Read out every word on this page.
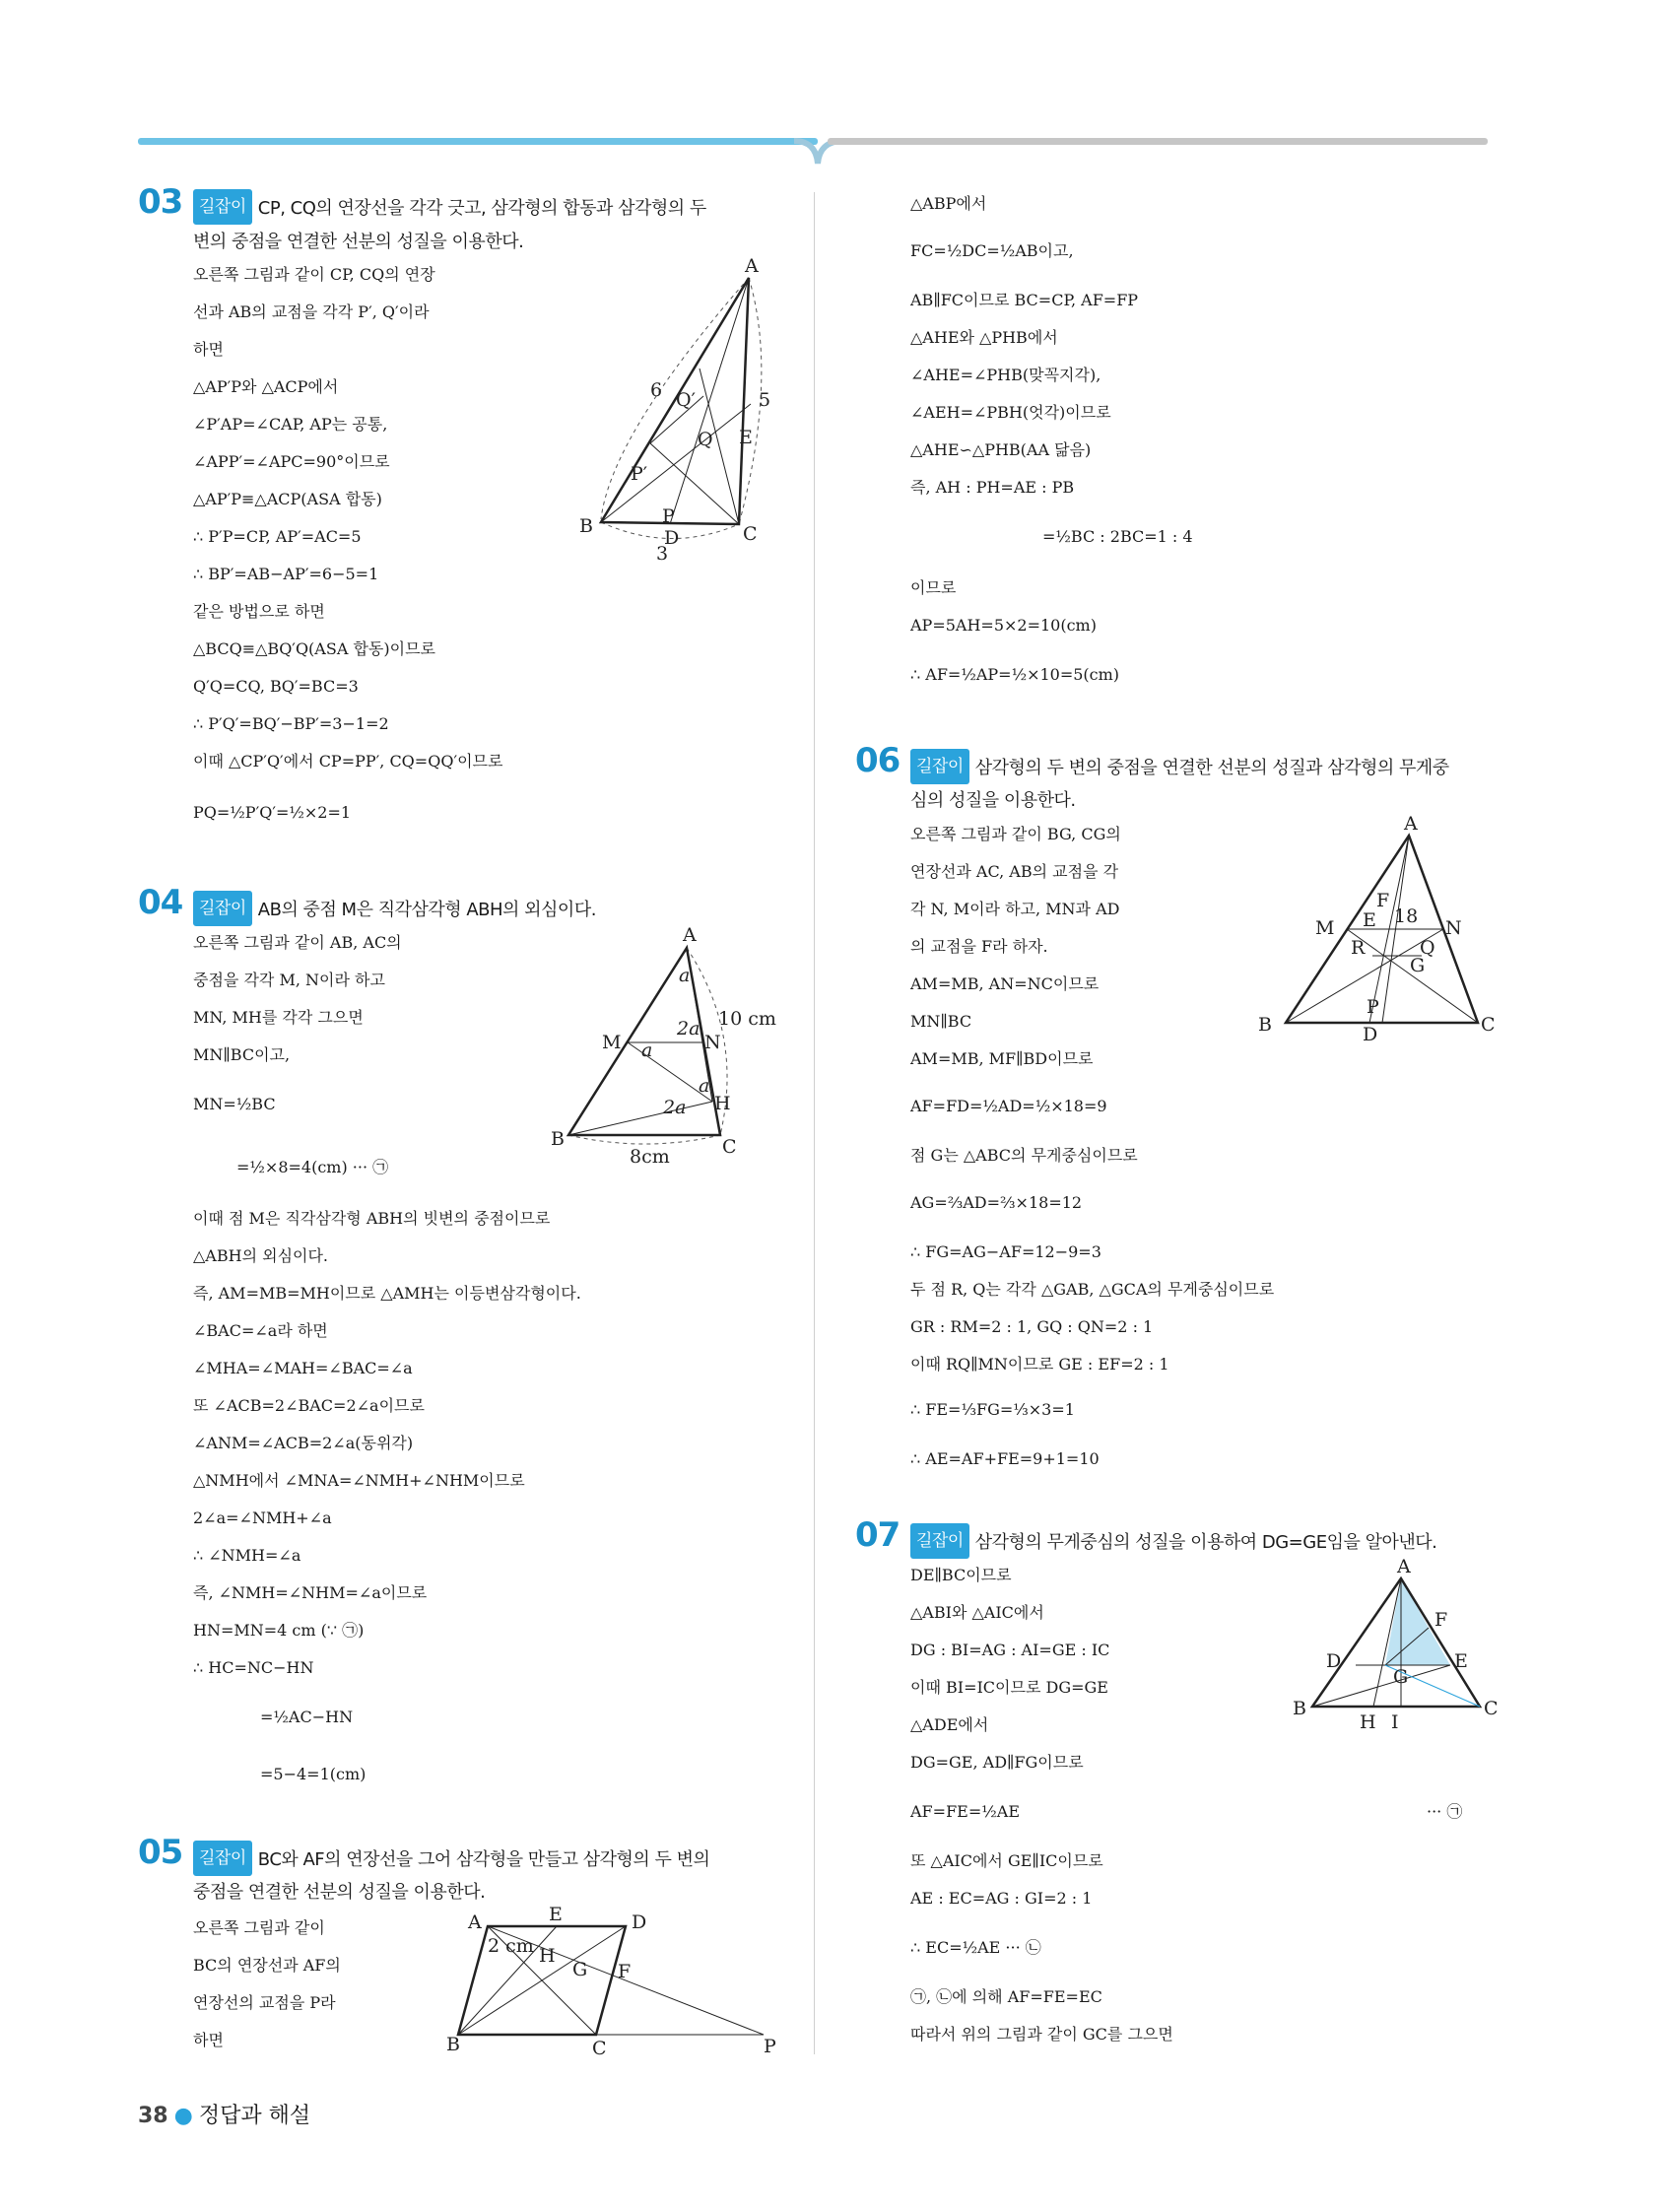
03 길잡이 CP, CQ의 연장선을 각각 긋고, 삼각형의 합동과 삼각형의 두
변의 중점을 연결한 선분의 성질을 이용한다.
오른쪽 그림과 같이 CP, CQ의 연장
선과 AB의 교점을 각각 P′, Q′이라
하면
△AP′P와 △ACP에서
∠P′AP=∠CAP, AP는 공통,
∠APP′=∠APC=90°이므로
△AP′P≡△ACP(ASA 합동)
∴ P′P=CP, AP′=AC=5
∴ BP′=AB−AP′=6−5=1
같은 방법으로 하면
△BCQ≡△BQ′Q(ASA 합동)이므로
Q′Q=CQ, BQ′=BC=3
∴ P′Q′=BQ′−BP′=3−1=2
이때 △CP′Q′에서 CP=PP′, CQ=QQ′이므로
PQ=½P′Q′=½×2=1
A
B	C
D
P
Q E
P′
Q′
6	5
3
04 길잡이 AB의 중점 M은 직각삼각형 ABH의 외심이다.
오른쪽 그림과 같이 AB, AC의
중점을 각각 M, N이라 하고
MN, MH를 각각 그으면
MN∥BC이고,
MN=½BC
=½×8=4(cm) ··· ㉠
이때 점 M은 직각삼각형 ABH의 빗변의 중점이므로
△ABH의 외심이다.
즉, AM=MB=MH이므로 △AMH는 이등변삼각형이다.
∠BAC=∠a라 하면
∠MHA=∠MAH=∠BAC=∠a
또 ∠ACB=2∠BAC=2∠a이므로
∠ANM=∠ACB=2∠a(동위각)
△NMH에서 ∠MNA=∠NMH+∠NHM이므로
2∠a=∠NMH+∠a
∴ ∠NMH=∠a
즉, ∠NMH=∠NHM=∠a이므로
HN=MN=4 cm (∵ ㉠)
∴ HC=NC−HN
=½AC−HN
=5−4=1(cm)
A
B	C
M	N
H
a
a
2a
a
2a
10 cm
8cm
05 길잡이 BC와 AF의 연장선을 그어 삼각형을 만들고 삼각형의 두 변의
중점을 연결한 선분의 성질을 이용한다.
오른쪽 그림과 같이
BC의 연장선과 AF의
연장선의 교점을 P라
하면
A	E	D
B	C	P
H
G F
2 cm
△ABP에서
FC=½DC=½AB이고,
AB∥FC이므로 BC=CP, AF=FP
△AHE와 △PHB에서
∠AHE=∠PHB(맞꼭지각),
∠AEH=∠PBH(엇각)이므로
△AHE∽△PHB(AA 닮음)
즉, AH : PH=AE : PB
=½BC : 2BC=1 : 4
이므로
AP=5AH=5×2=10(cm)
∴ AF=½AP=½×10=5(cm)
06 길잡이 삼각형의 두 변의 중점을 연결한 선분의 성질과 삼각형의 무게중
심의 성질을 이용한다.
오른쪽 그림과 같이 BG, CG의
연장선과 AC, AB의 교점을 각
각 N, M이라 하고, MN과 AD
의 교점을 F라 하자.
AM=MB, AN=NC이므로
MN∥BC
AM=MB, MF∥BD이므로
AF=FD=½AD=½×18=9
점 G는 △ABC의 무게중심이므로
AG=⅔AD=⅔×18=12
∴ FG=AG−AF=12−9=3
두 점 R, Q는 각각 △GAB, △GCA의 무게중심이므로
GR : RM=2 : 1, GQ : QN=2 : 1
이때 RQ∥MN이므로 GE : EF=2 : 1
∴ FE=⅓FG=⅓×3=1
∴ AE=AF+FE=9+1=10
A
B	C
D
M	N
F
E
R	Q
G
P
18
07 길잡이 삼각형의 무게중심의 성질을 이용하여 DG=GE임을 알아낸다.
DE∥BC이므로
△ABI와 △AIC에서
DG : BI=AG : AI=GE : IC
이때 BI=IC이므로 DG=GE
△ADE에서
DG=GE, AD∥FG이므로
AF=FE=½AE	··· ㉠
또 △AIC에서 GE∥IC이므로
AE : EC=AG : GI=2 : 1
∴ EC=½AE ··· ㉡
㉠, ㉡에 의해 AF=FE=EC
따라서 위의 그림과 같이 GC를 그으면
A
B	C
D	E
F
G
H I
38 ● 정답과 해설
